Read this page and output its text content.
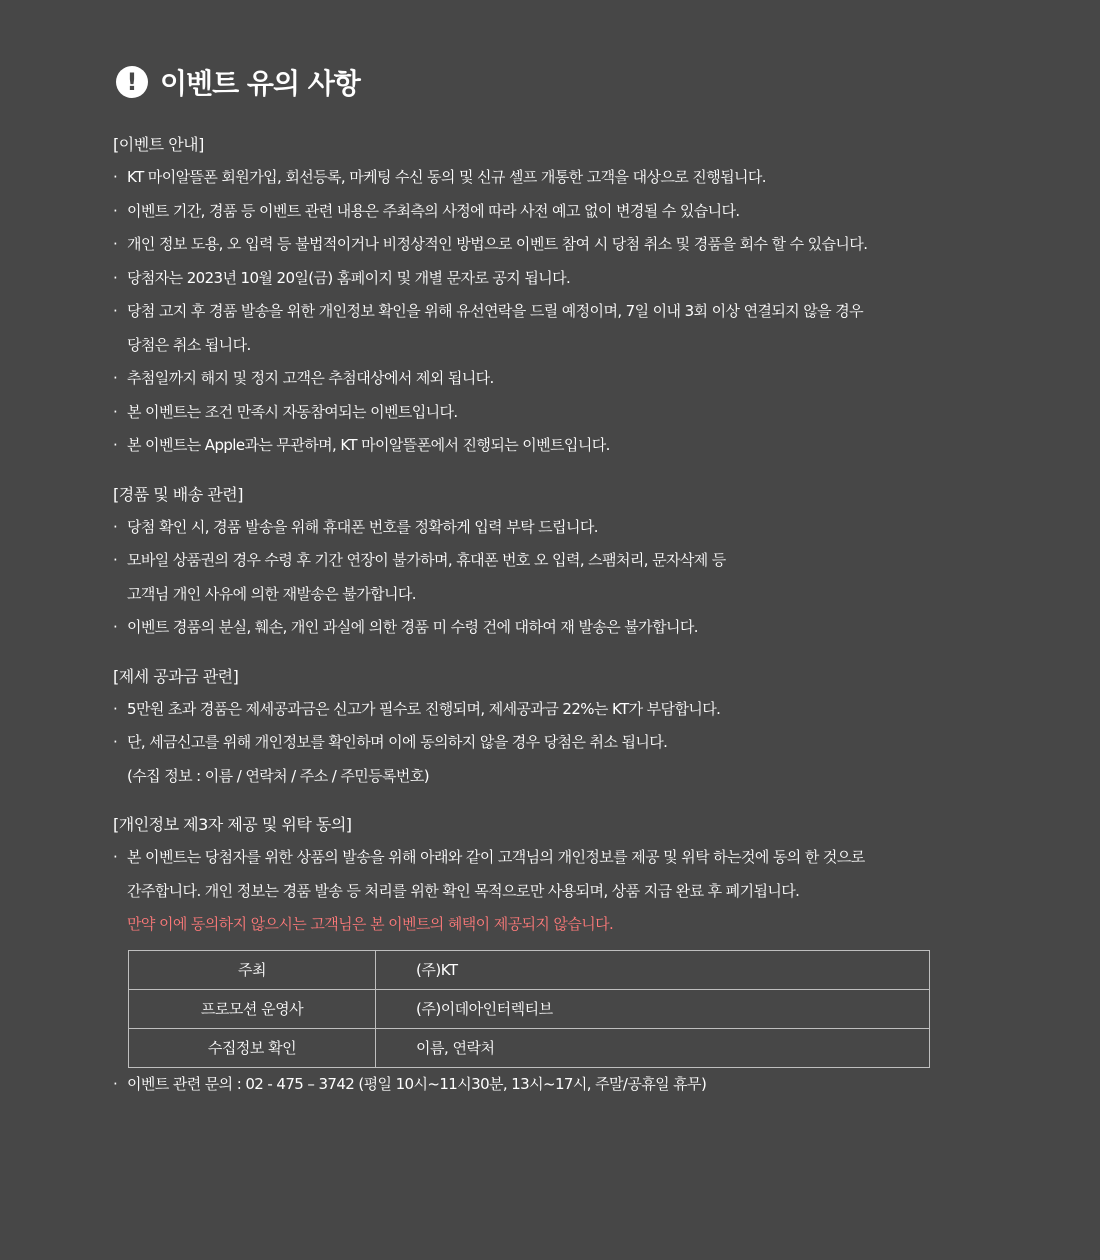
! 이벤트 유의 사항
[이벤트 안내]
· KT 마이알뜰폰 회원가입, 회선등록, 마케팅 수신 동의 및 신규 셀프 개통한 고객을 대상으로 진행됩니다.
· 이벤트 기간, 경품 등 이벤트 관련 내용은 주최측의 사정에 따라 사전 예고 없이 변경될 수 있습니다.
· 개인 정보 도용, 오 입력 등 불법적이거나 비정상적인 방법으로 이벤트 참여 시 당첨 취소 및 경품을 회수 할 수 있습니다.
· 당첨자는 2023년 10월 20일(금) 홈페이지 및 개별 문자로 공지 됩니다.
· 당첨 고지 후 경품 발송을 위한 개인정보 확인을 위해 유선연락을 드릴 예정이며, 7일 이내 3회 이상 연결되지 않을 경우
당첨은 취소 됩니다.
· 추첨일까지 해지 및 정지 고객은 추첨대상에서 제외 됩니다.
· 본 이벤트는 조건 만족시 자동참여되는 이벤트입니다.
· 본 이벤트는 Apple과는 무관하며, KT 마이알뜰폰에서 진행되는 이벤트입니다.
[경품 및 배송 관련]
· 당첨 확인 시, 경품 발송을 위해 휴대폰 번호를 정확하게 입력 부탁 드립니다.
· 모바일 상품권의 경우 수령 후 기간 연장이 불가하며, 휴대폰 번호 오 입력, 스팸처리, 문자삭제 등
고객님 개인 사유에 의한 재발송은 불가합니다.
· 이벤트 경품의 분실, 훼손, 개인 과실에 의한 경품 미 수령 건에 대하여 재 발송은 불가합니다.
[제세 공과금 관련]
· 5만원 초과 경품은 제세공과금은 신고가 필수로 진행되며, 제세공과금 22%는 KT가 부담합니다.
· 단, 세금신고를 위해 개인정보를 확인하며 이에 동의하지 않을 경우 당첨은 취소 됩니다.
(수집 정보 : 이름 / 연락처 / 주소 / 주민등록번호)
[개인정보 제3자 제공 및 위탁 동의]
· 본 이벤트는 당첨자를 위한 상품의 발송을 위해 아래와 같이 고객님의 개인정보를 제공 및 위탁 하는것에 동의 한 것으로
간주합니다. 개인 정보는 경품 발송 등 처리를 위한 확인 목적으로만 사용되며, 상품 지급 완료 후 폐기됩니다.
만약 이에 동의하지 않으시는 고객님은 본 이벤트의 혜택이 제공되지 않습니다.
주최	(주)KT
프로모션 운영사	(주)이데아인터렉티브
수집정보 확인	이름, 연락처
· 이벤트 관련 문의 : 02 - 475 – 3742 (평일 10시~11시30분, 13시~17시, 주말/공휴일 휴무)
